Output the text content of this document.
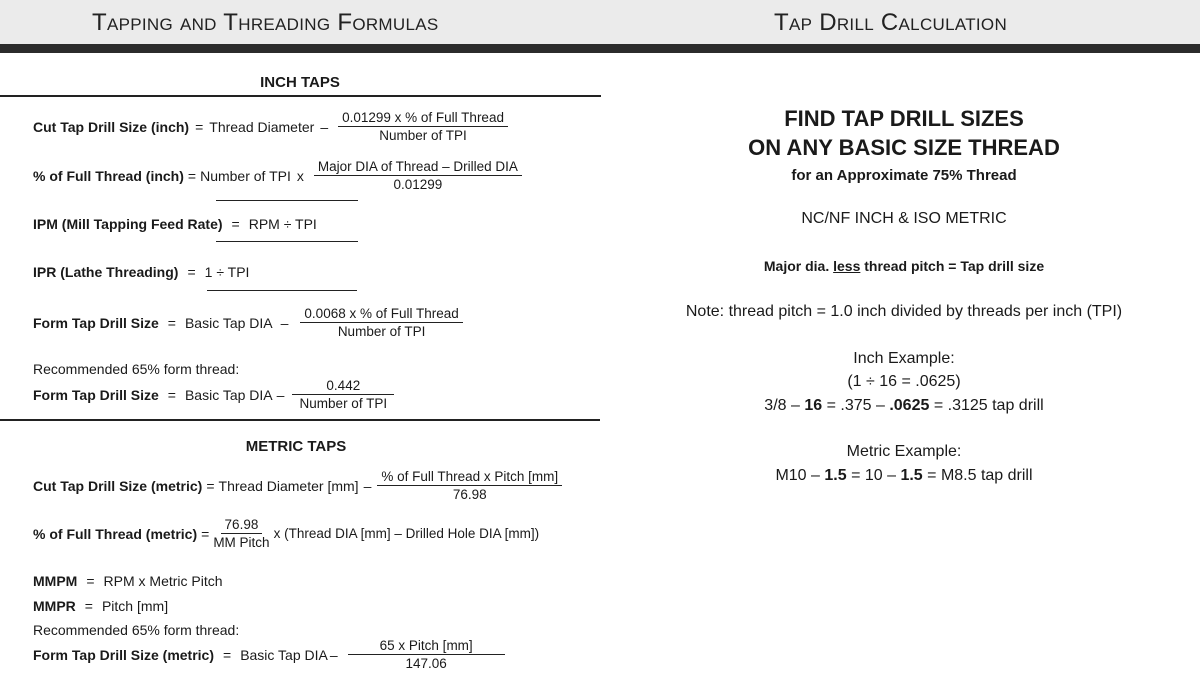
Tapping and Threading Formulas	Tap Drill Calculation
INCH TAPS
Cut Tap Drill Size (inch) = Thread Diameter – $\frac{\text{0.01299 x \% of Full Thread}}{\text{Number of TPI}}$
% of Full Thread (inch) = Number of TPI x $\frac{\text{Major DIA of Thread – Drilled DIA}}{0.01299}$
IPM (Mill Tapping Feed Rate) = RPM ÷ TPI
IPR (Lathe Threading) = 1 ÷ TPI
Form Tap Drill Size = Basic Tap DIA – $\frac{\text{0.0068 x \% of Full Thread}}{\text{Number of TPI}}$
Recommended 65% form thread:
Form Tap Drill Size = Basic Tap DIA – $\frac{0.442}{\text{Number of TPI}}$
METRIC TAPS
Cut Tap Drill Size (metric) = Thread Diameter $[mm] - \frac{\text{\% of Full Thread x Pitch [mm]}}{76.98}$
% of Full Thread (metric) = $\frac{76.98}{\text{MM Pitch}}$ x (Thread DIA [mm] – Drilled Hole DIA [mm])
MMPM = RPM x Metric Pitch
MMPR = Pitch [mm]
Recommended 65% form thread:
Form Tap Drill Size (metric) = Basic Tap DIA – $\frac{\text{65 x Pitch [mm]}}{147.06}$
FIND TAP DRILL SIZES
ON ANY BASIC SIZE THREAD
for an Approximate 75% Thread
NC/NF INCH & ISO METRIC
Major dia. less thread pitch = Tap drill size
Note: thread pitch = 1.0 inch divided by threads per inch (TPI)
Inch Example:
(1 ÷ 16 = .0625)
3/8 – 16 = .375 – .0625 = .3125 tap drill
Metric Example:
M10 – 1.5 = 10 – 1.5 = M8.5 tap drill
